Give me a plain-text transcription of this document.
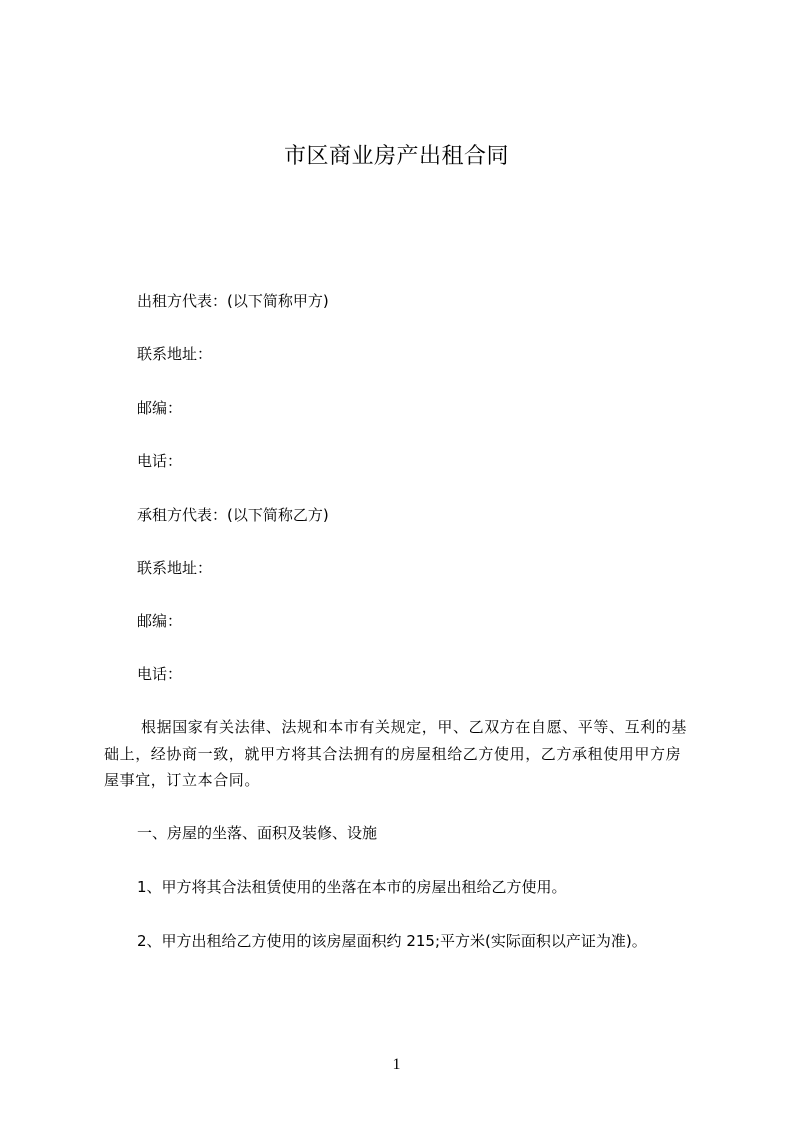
市区商业房产出租合同
出租方代表：(以下简称甲方)
联系地址：
邮编：
电话：
承租方代表：(以下简称乙方)
联系地址：
邮编：
电话：
根据国家有关法律、法规和本市有关规定，甲、乙双方在自愿、平等、互利的基础上，经协商一致，就甲方将其合法拥有的房屋租给乙方使用，乙方承租使用甲方房屋事宜，订立本合同。
一、房屋的坐落、面积及装修、设施
1、甲方将其合法租赁使用的坐落在本市的房屋出租给乙方使用。
2、甲方出租给乙方使用的该房屋面积约 215;平方米(实际面积以产证为准)。
1
